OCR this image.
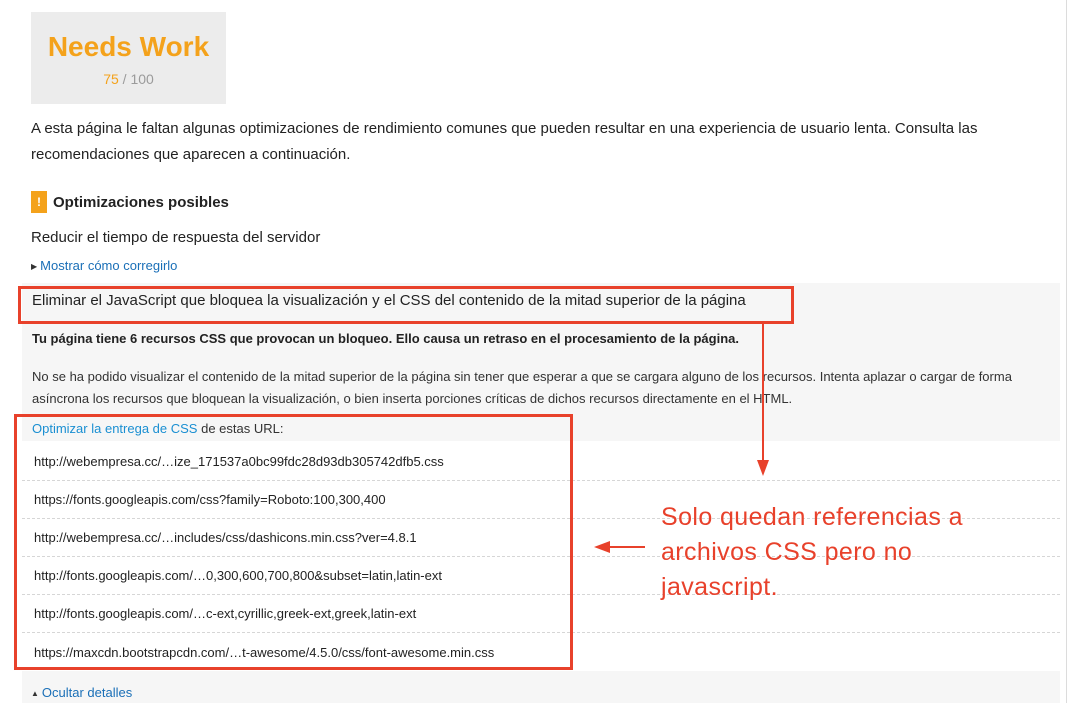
Needs Work
75 / 100
A esta página le faltan algunas optimizaciones de rendimiento comunes que pueden resultar en una experiencia de usuario lenta. Consulta las recomendaciones que aparecen a continuación.
! Optimizaciones posibles
Reducir el tiempo de respuesta del servidor
▶ Mostrar cómo corregirlo
Eliminar el JavaScript que bloquea la visualización y el CSS del contenido de la mitad superior de la página
Tu página tiene 6 recursos CSS que provocan un bloqueo. Ello causa un retraso en el procesamiento de la página.
No se ha podido visualizar el contenido de la mitad superior de la página sin tener que esperar a que se cargara alguno de los recursos. Intenta aplazar o cargar de forma asíncrona los recursos que bloquean la visualización, o bien inserta porciones críticas de dichos recursos directamente en el HTML.
Optimizar la entrega de CSS de estas URL:
http://webempresa.cc/…ize_171537a0bc99fdc28d93db305742dfb5.css
https://fonts.googleapis.com/css?family=Roboto:100,300,400
http://webempresa.cc/…includes/css/dashicons.min.css?ver=4.8.1
http://fonts.googleapis.com/…0,300,600,700,800&subset=latin,latin-ext
http://fonts.googleapis.com/…c-ext,cyrillic,greek-ext,greek,latin-ext
https://maxcdn.bootstrapcdn.com/…t-awesome/4.5.0/css/font-awesome.min.css
▲ Ocultar detalles
Solo quedan referencias a
archivos CSS pero no
javascript.
